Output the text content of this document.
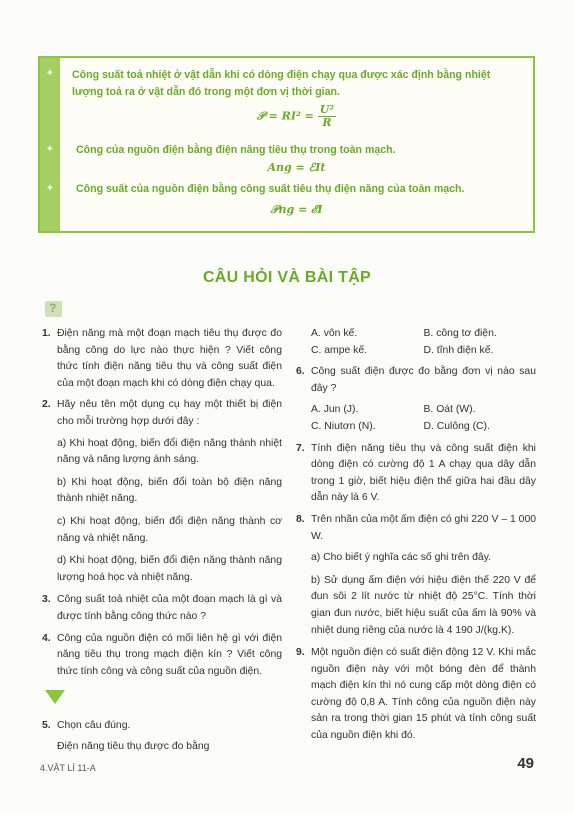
✦ Công suất toả nhiệt ở vật dẫn khi có dòng điện chạy qua được xác định bằng nhiệt lượng toả ra ở vật dẫn đó trong một đơn vị thời gian.
𝒫 = $RI^2 = \frac{\text{U²}}{R}$
✦ Công của nguồn điện bằng điện năng tiêu thụ trong toàn mạch.
Ang = ℰIt
✦ Công suất của nguồn điện bằng công suất tiêu thụ điện năng của toàn mạch.
𝒫ng = ℰI
CÂU HỎI VÀ BÀI TẬP
?
1. Điện năng mà một đoạn mạch tiêu thụ được đo bằng công do lực nào thực hiện ? Viết công thức tính điện năng tiêu thụ và công suất điện của một đoạn mạch khi có dòng điện chạy qua.

2. Hãy nêu tên một dụng cụ hay một thiết bị điện cho mỗi trường hợp dưới đây :

a) Khi hoạt động, biến đổi điện năng thành nhiệt năng và năng lượng ánh sáng.

b) Khi hoạt động, biến đổi toàn bộ điện năng thành nhiệt năng.

c) Khi hoạt động, biến đổi điện năng thành cơ năng và nhiệt năng.

d) Khi hoạt động, biến đổi điện năng thành năng lượng hoá học và nhiệt năng.

3. Công suất toả nhiệt của một đoạn mạch là gì và được tính bằng công thức nào ?

4. Công của nguồn điện có mối liên hệ gì với điện năng tiêu thụ trong mạch điện kín ? Viết công thức tính công và công suất của nguồn điện.

5. Chọn câu đúng.

Điện năng tiêu thụ được đo bằng

A. vôn kế.	B. công tơ điện.
C. ampe kế.	D. tĩnh điện kế.
6. Công suất điện được đo bằng đơn vị nào sau đây ?

A. Jun (J).	B. Oát (W).
C. Niutơn (N).	D. Culông (C).
7. Tính điện năng tiêu thụ và công suất điện khi dòng điện có cường độ 1 A chạy qua dây dẫn trong 1 giờ, biết hiệu điện thế giữa hai đầu dây dẫn này là 6 V.

8. Trên nhãn của một ấm điện có ghi 220 V – 1 000 W.

a) Cho biết ý nghĩa các số ghi trên đây.

b) Sử dụng ấm điện với hiệu điện thế 220 V để đun sôi 2 lít nước từ nhiệt độ 25°C. Tính thời gian đun nước, biết hiệu suất của ấm là 90% và nhiệt dung riêng của nước là 4 190 J/(kg.K).

9. Một nguồn điện có suất điện động 12 V. Khi mắc nguồn điện này với một bóng đèn để thành mạch điện kín thì nó cung cấp một dòng điện có cường độ 0,8 A. Tính công của nguồn điện này sản ra trong thời gian 15 phút và tính công suất của nguồn điện khi đó.

4.VẬT LÍ 11-A	49
